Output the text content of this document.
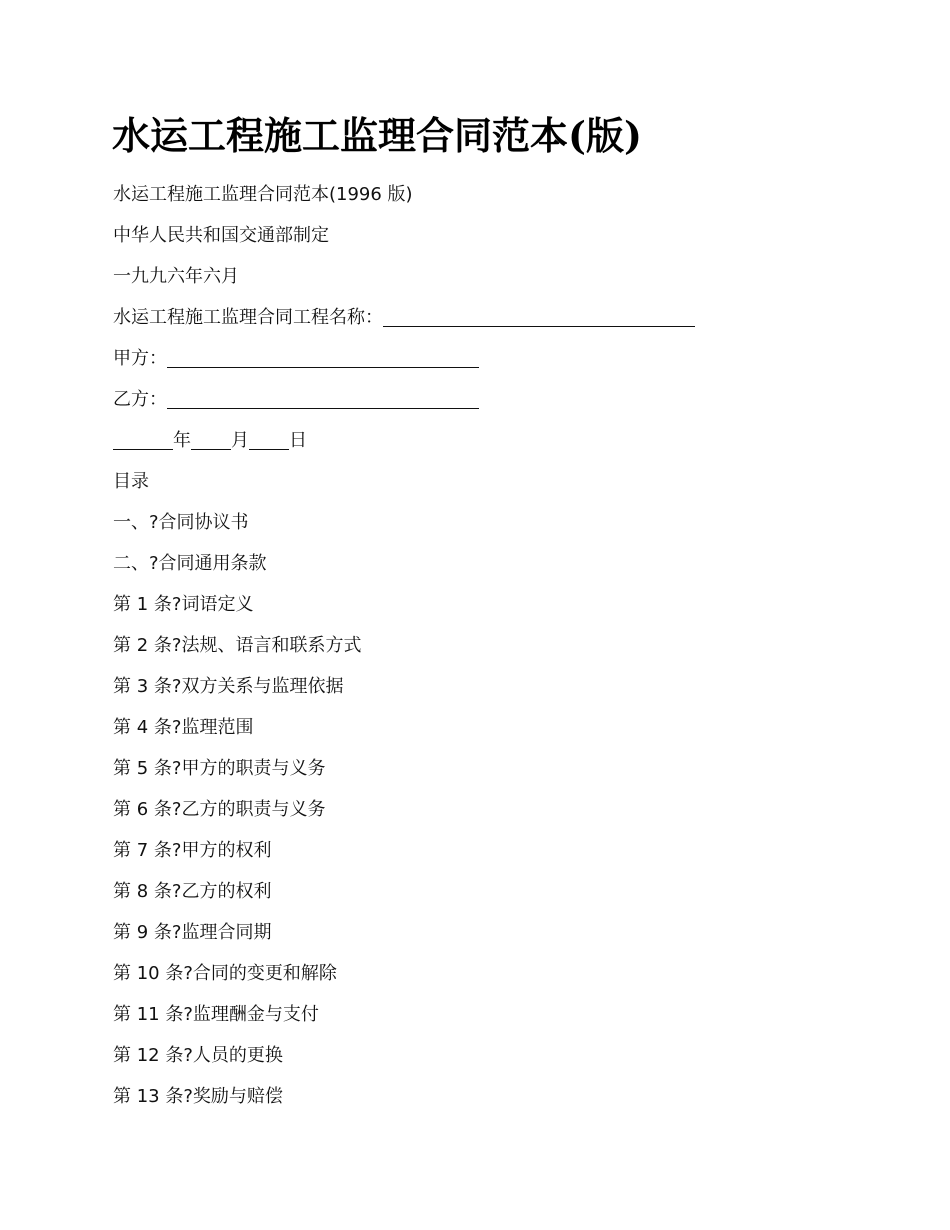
水运工程施工监理合同范本(版)
水运工程施工监理合同范本(1996 版)
中华人民共和国交通部制定
一九九六年六月
水运工程施工监理合同工程名称：
甲方：
乙方：
年 月 日
目录
一、?合同协议书
二、?合同通用条款
第 1 条?词语定义
第 2 条?法规、语言和联系方式
第 3 条?双方关系与监理依据
第 4 条?监理范围
第 5 条?甲方的职责与义务
第 6 条?乙方的职责与义务
第 7 条?甲方的权利
第 8 条?乙方的权利
第 9 条?监理合同期
第 10 条?合同的变更和解除
第 11 条?监理酬金与支付
第 12 条?人员的更换
第 13 条?奖励与赔偿
